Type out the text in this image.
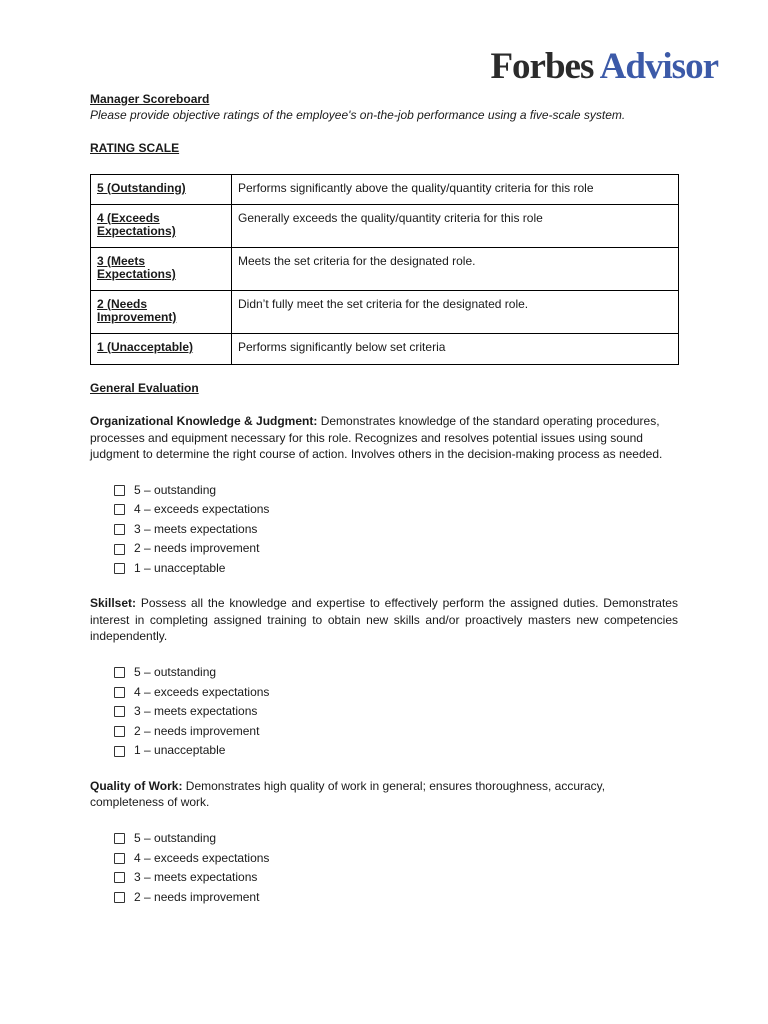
Forbes Advisor
Manager Scoreboard
Please provide objective ratings of the employee's on-the-job performance using a five-scale system.
RATING SCALE
5 (Outstanding)	Performs significantly above the quality/quantity criteria for this role
4 (Exceeds Expectations)	Generally exceeds the quality/quantity criteria for this role
3 (Meets Expectations)	Meets the set criteria for the designated role.
2 (Needs Improvement)	Didn’t fully meet the set criteria for the designated role.
1 (Unacceptable)	Performs significantly below set criteria
General Evaluation
Organizational Knowledge & Judgment: Demonstrates knowledge of the standard operating procedures, processes and equipment necessary for this role. Recognizes and resolves potential issues using sound judgment to determine the right course of action. Involves others in the decision-making process as needed.
5 – outstanding
4 – exceeds expectations
3 – meets expectations
2 – needs improvement
1 – unacceptable
Skillset: Possess all the knowledge and expertise to effectively perform the assigned duties. Demonstrates interest in completing assigned training to obtain new skills and/or proactively masters new competencies independently.
5 – outstanding
4 – exceeds expectations
3 – meets expectations
2 – needs improvement
1 – unacceptable
Quality of Work: Demonstrates high quality of work in general; ensures thoroughness, accuracy, completeness of work.
5 – outstanding
4 – exceeds expectations
3 – meets expectations
2 – needs improvement
